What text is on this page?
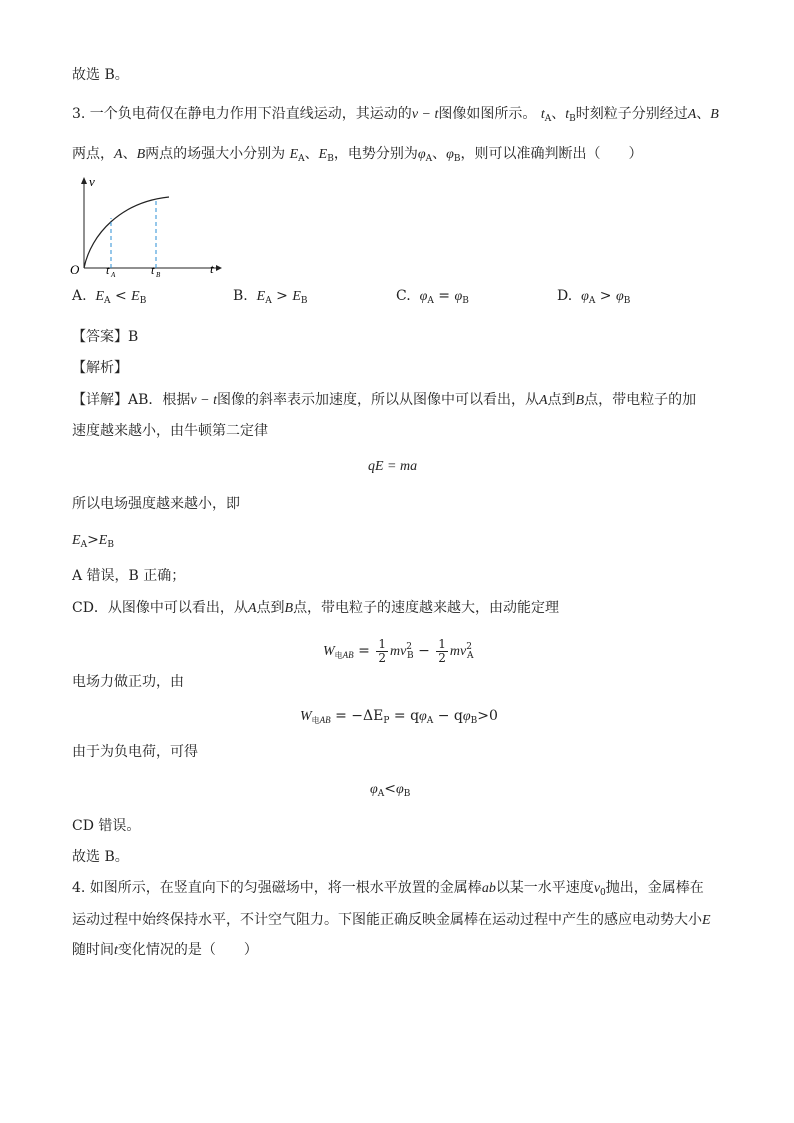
故选 B。
3. 一个负电荷仅在静电力作用下沿直线运动，其运动的v − t图像如图所示。 $t_A$、$t_B$时刻粒子分别经过A、B
两点，A、B两点的场强大小分别为 $E_A$、$E_B$，电势分别为$\varphi_A$、$\varphi_B$，则可以准确判断出（　　）
v
O	t
t A	t B
A. $E_A < E_B$	B. $E_A > E_B$	C. $\varphi_A = \varphi_B$	D. $\varphi_A > \varphi_B$
【答案】B
【解析】
【详解】AB．根据v − t图像的斜率表示加速度，所以从图像中可以看出，从A点到B点，带电粒子的加
速度越来越小，由牛顿第二定律
qE = ma
所以电场强度越来越小，即
$E_A>E_B$
A 错误，B 正确；
CD．从图像中可以看出，从A点到B点，带电粒子的速度越来越大，由动能定理
$W_{电AB} = \frac{1}{2} mv^2_B - \frac{1}{2} mv^2_A$
电场力做正功，由
$W_{电AB} = -\Delta E_P = q\varphi_A - q\varphi_B>0$
由于为负电荷，可得
$\varphi_A<\varphi_B$
CD 错误。
故选 B。
4. 如图所示，在竖直向下的匀强磁场中，将一根水平放置的金属棒ab以某一水平速度$v_0$抛出，金属棒在
运动过程中始终保持水平，不计空气阻力。下图能正确反映金属棒在运动过程中产生的感应电动势大小E
随时间t变化情况的是（　　）
